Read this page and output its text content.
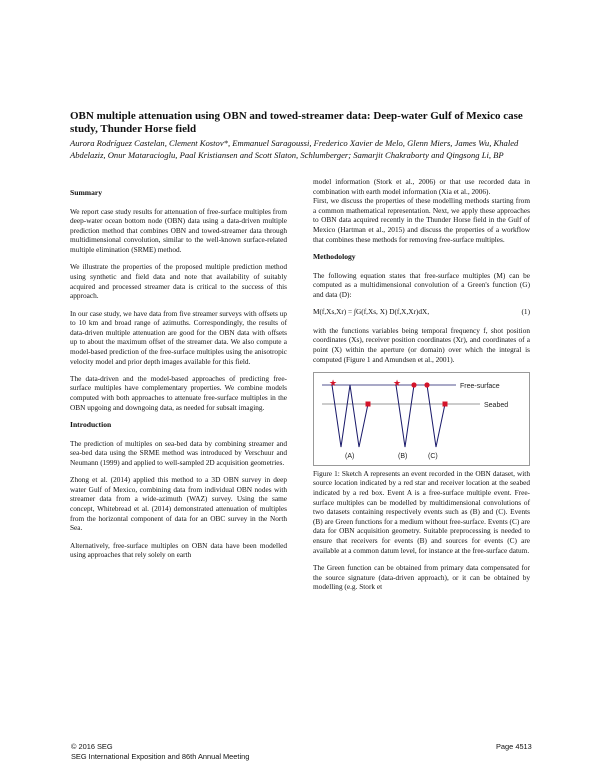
OBN multiple attenuation using OBN and towed-streamer data: Deep-water Gulf of Mexico case study, Thunder Horse field

Aurora Rodríguez Castelan, Clement Kostov*, Emmanuel Saragoussi, Frederico Xavier de Melo, Glenn Miers, James Wu, Khaled Abdelaziz, Onur Mataracioglu, Paal Kristiansen and Scott Slaton, Schlumberger; Samarjit Chakraborty and Qingsong Li, BP

Summary

We report case study results for attenuation of free-surface multiples from deep-water ocean bottom node (OBN) data using a data-driven multiple prediction method that combines OBN and towed-streamer data through multidimensional convolution, similar to the well-known surface-related multiple elimination (SRME) method.

We illustrate the properties of the proposed multiple prediction method using synthetic and field data and note that availability of suitably acquired and processed streamer data is critical to the success of this approach.

In our case study, we have data from five streamer surveys with offsets up to 10 km and broad range of azimuths. Correspondingly, the results of data-driven multiple attenuation are good for the OBN data with offsets up to about the maximum offset of the streamer data. We also compute a model-based prediction of the free-surface multiples using the anisotropic velocity model and prior depth images available for this field.

The data-driven and the model-based approaches of predicting free-surface multiples have complementary properties. We combine models computed with both approaches to attenuate free-surface multiples in the OBN upgoing and downgoing data, as needed for subsalt imaging.

Introduction

The prediction of multiples on sea-bed data by combining streamer and sea-bed data using the SRME method was introduced by Verschuur and Neumann (1999) and applied to well-sampled 2D acquisition geometries.

Zhong et al. (2014) applied this method to a 3D OBN survey in deep water Gulf of Mexico, combining data from individual OBN nodes with streamer data from a wide-azimuth (WAZ) survey. Using the same concept, Whitebread et al. (2014) demonstrated attenuation of multiples from the horizontal component of data for an OBC survey in the North Sea.

Alternatively, free-surface multiples on OBN data have been modelled using approaches that rely solely on earth

model information (Stork et al., 2006) or that use recorded data in combination with earth model information (Xia et al., 2006).

First, we discuss the properties of these modelling methods starting from a common mathematical representation. Next, we apply these approaches to OBN data acquired recently in the Thunder Horse field in the Gulf of Mexico (Hartman et al., 2015) and discuss the properties of a workflow that combines these methods for removing free-surface multiples.

Methodology

The following equation states that free-surface multiples (M) can be computed as a multidimensional convolution of a Green's function (G) and data (D):

M(f,Xs,Xr) = ∫G(f,Xs, X) D(f,X,Xr)dX,	(1)

with the functions variables being temporal frequency f, shot position coordinates (Xs), receiver position coordinates (Xr), and coordinates of a point (X) within the aperture (or domain) over which the integral is computed (Figure 1 and Amundsen et al., 2001).

Free-surface
Seabed
★	★
(A)	(B)	(C)

Figure 1: Sketch A represents an event recorded in the OBN dataset, with source location indicated by a red star and receiver location at the seabed indicated by a red box. Event A is a free-surface multiple event. Free-surface multiples can be modelled by multidimensional convolutions of two datasets containing respectively events such as (B) and (C). Events (B) are Green functions for a medium without free-surface. Events (C) are data for OBN acquisition geometry. Suitable preprocessing is needed to ensure that receivers for events (B) and sources for events (C) are available at a common datum level, for instance at the free-surface datum.

The Green function can be obtained from primary data compensated for the source signature (data-driven approach), or it can be obtained by modelling (e.g. Stork et

© 2016 SEG
SEG International Exposition and 86th Annual Meeting
Page 4513
